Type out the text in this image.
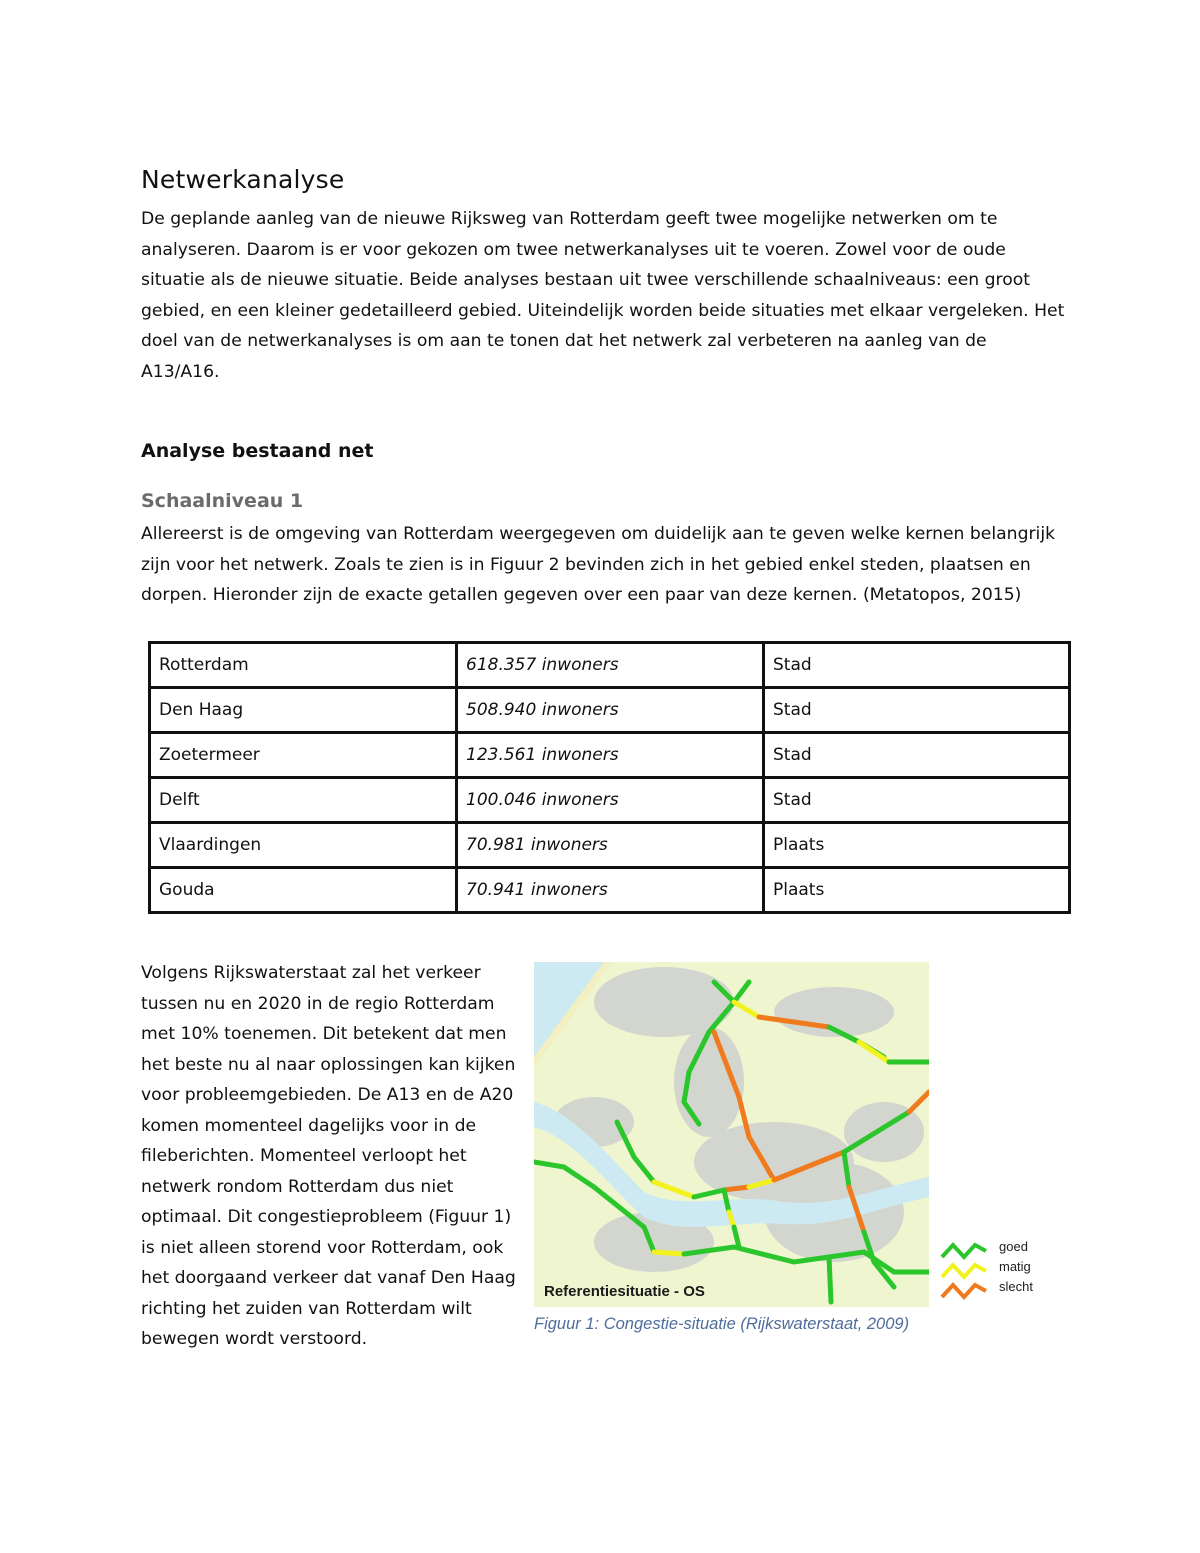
Netwerkanalyse
De geplande aanleg van de nieuwe Rijksweg van Rotterdam geeft twee mogelijke netwerken om te analyseren. Daarom is er voor gekozen om twee netwerkanalyses uit te voeren. Zowel voor de oude situatie als de nieuwe situatie. Beide analyses bestaan uit twee verschillende schaalniveaus: een groot gebied, en een kleiner gedetailleerd gebied. Uiteindelijk worden beide situaties met elkaar vergeleken. Het doel van de netwerkanalyses is om aan te tonen dat het netwerk zal verbeteren na aanleg van de A13/A16.
Analyse bestaand net
Schaalniveau 1
Allereerst is de omgeving van Rotterdam weergegeven om duidelijk aan te geven welke kernen belangrijk zijn voor het netwerk. Zoals te zien is in Figuur 2 bevinden zich in het gebied enkel steden, plaatsen en dorpen. Hieronder zijn de exacte getallen gegeven over een paar van deze kernen. (Metatopos, 2015)
Rotterdam	618.357 inwoners	Stad
Den Haag	508.940 inwoners	Stad
Zoetermeer	123.561 inwoners	Stad
Delft	100.046 inwoners	Stad
Vlaardingen	70.981 inwoners	Plaats
Gouda	70.941 inwoners	Plaats
Volgens Rijkswaterstaat zal het verkeer tussen nu en 2020 in de regio Rotterdam met 10% toenemen. Dit betekent dat men het beste nu al naar oplossingen kan kijken voor probleemgebieden. De A13 en de A20 komen momenteel dagelijks voor in de fileberichten. Momenteel verloopt het netwerk rondom Rotterdam dus niet optimaal. Dit congestieprobleem (Figuur 1) is niet alleen storend voor Rotterdam, ook het doorgaand verkeer dat vanaf Den Haag richting het zuiden van Rotterdam wilt bewegen wordt verstoord.
Referentiesituatie - OS
goed
matig
slecht
Figuur 1: Congestie-situatie (Rijkswaterstaat, 2009)
